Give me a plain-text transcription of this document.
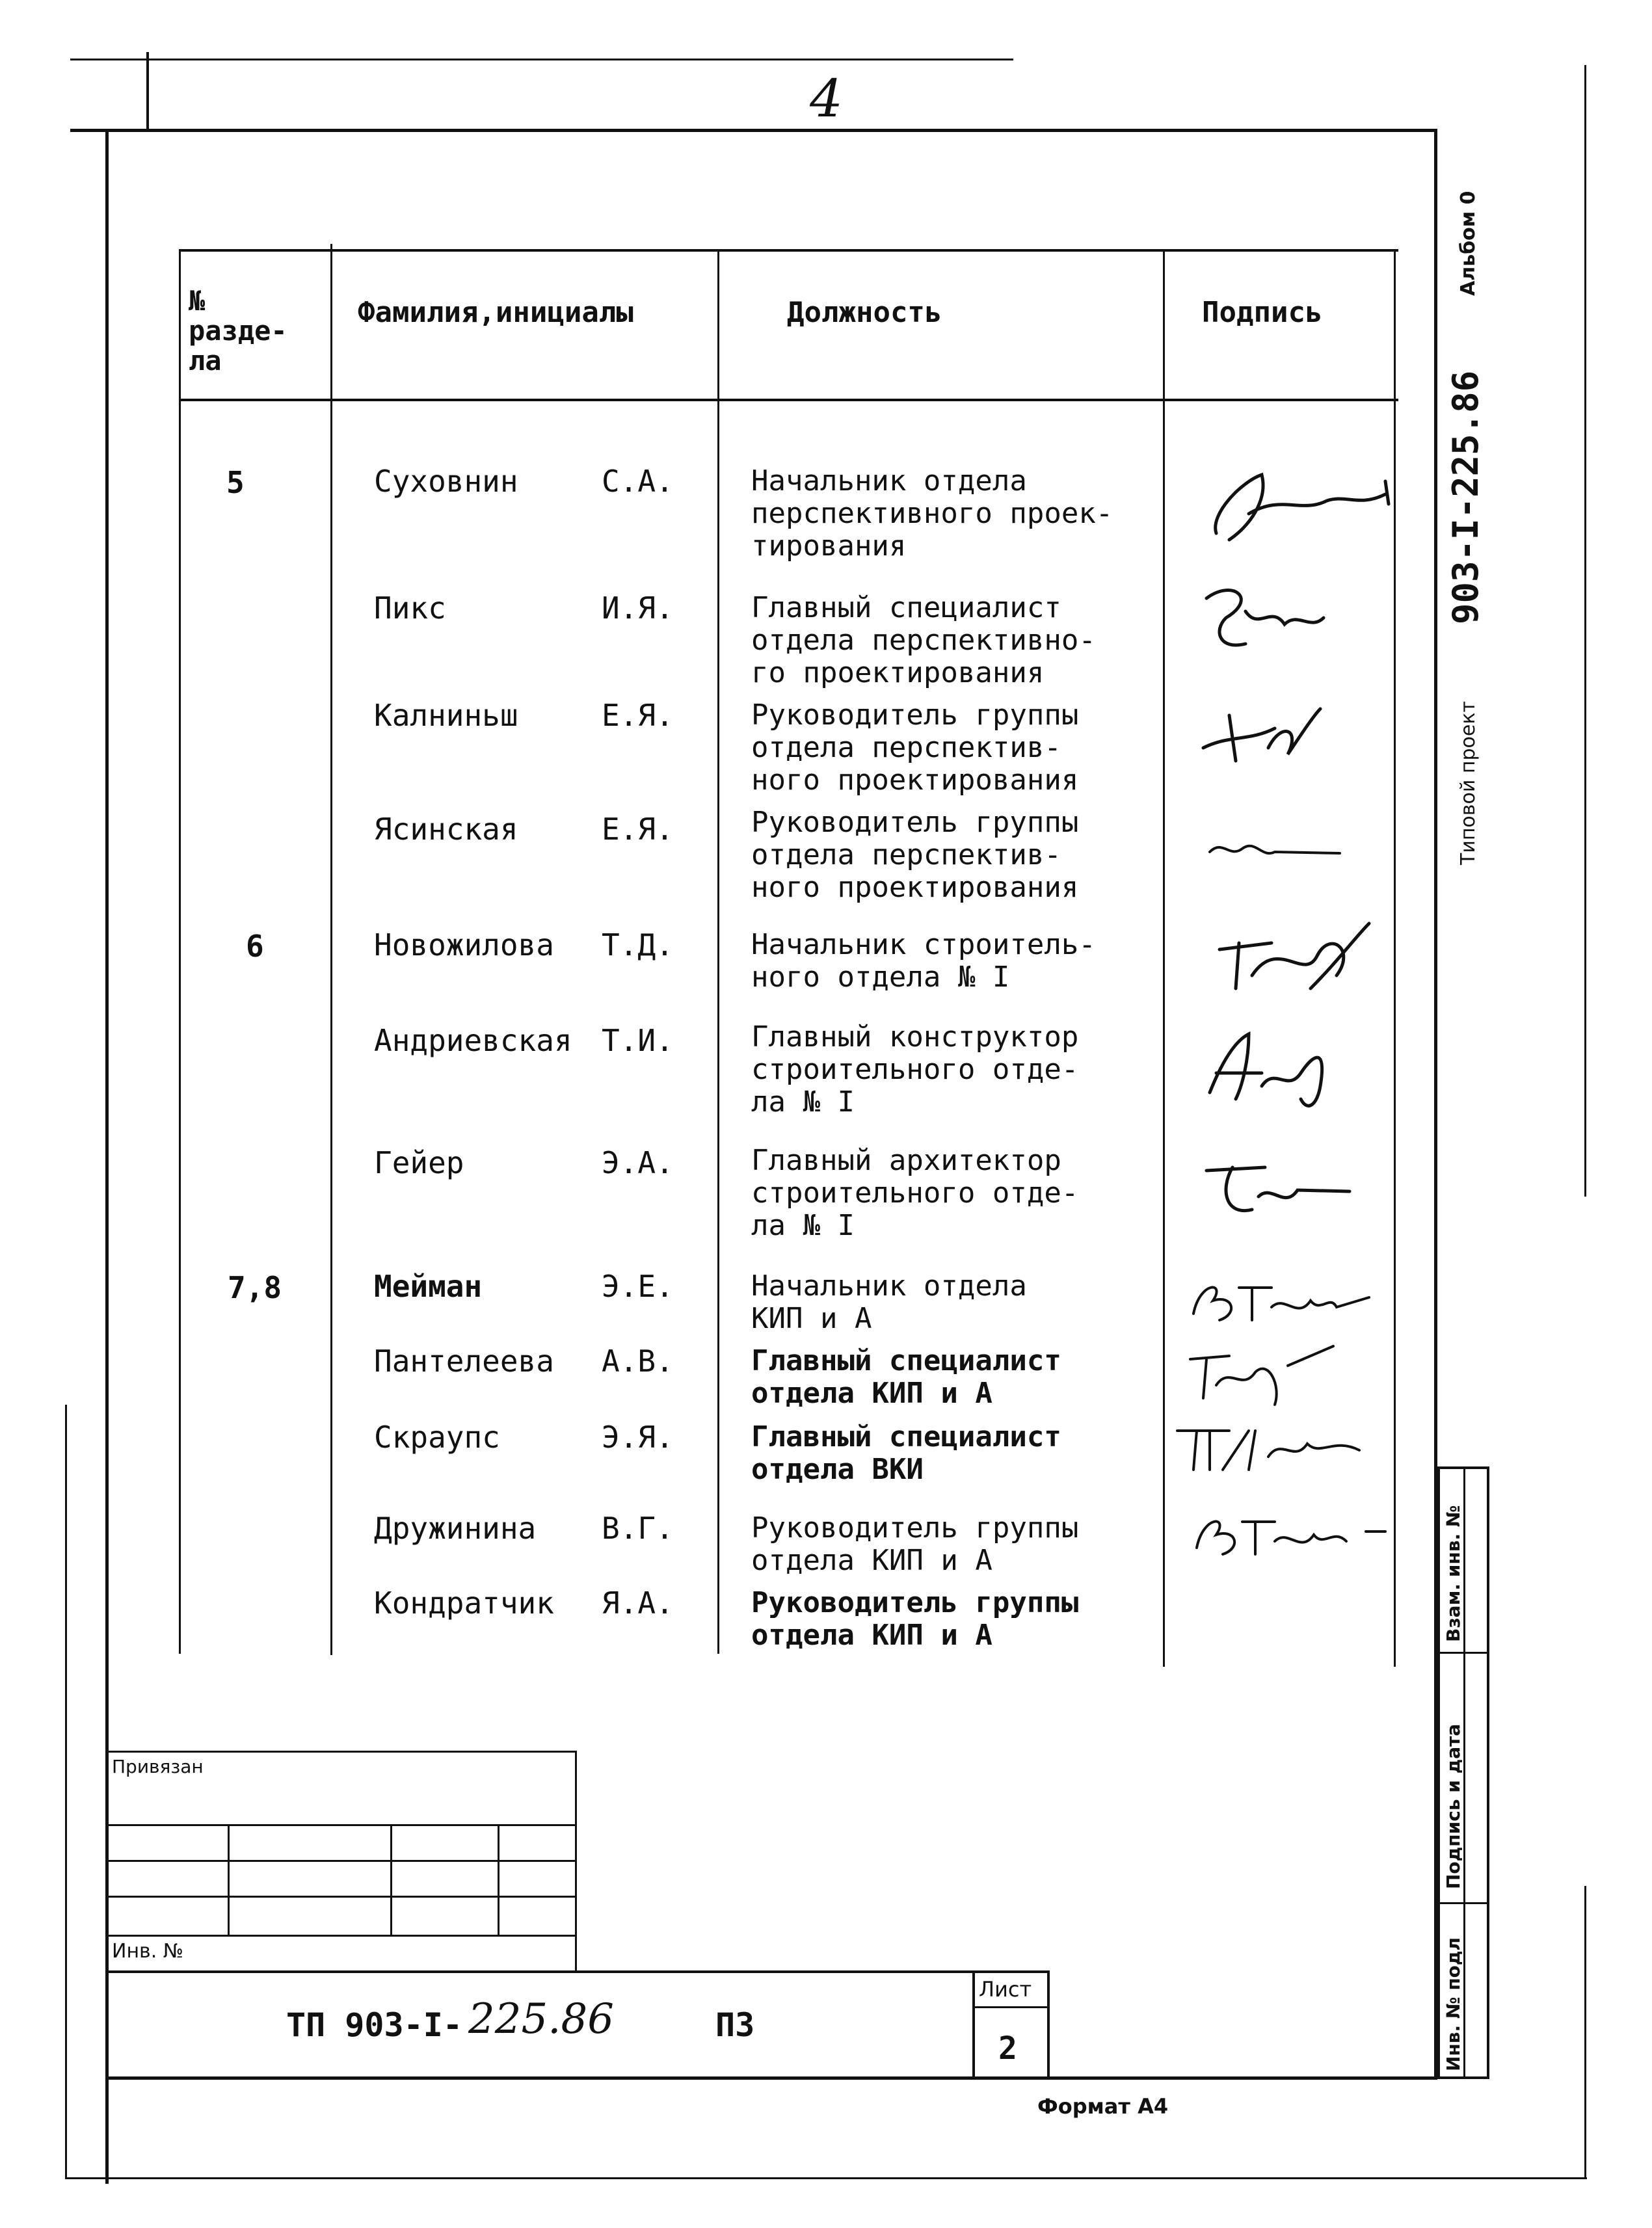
4
Альбом 0
Типовой проект
903-I-225.86
Взам. инв. №
Подпись и дата
Инв. № подл
№ разде-ла
Фамилия,инициалы	Должность	Подпись
5	Суховнин	С.А.	Начальник отдела
перспективного проек-
тирования
Пикс	И.Я.	Главный специалист
отдела перспективно-
го проектирования
Калниньш	Е.Я.	Руководитель группы
отдела перспектив-
ного проектирования
Ясинская	Е.Я.	Руководитель группы
отдела перспектив-
ного проектирования
6	Новожилова Т.Д.	Начальник строитель-
ного отдела № I
Андриевская Т.И.	Главный конструктор
строительного отде-
ла № I
Гейер	Э.А.	Главный архитектор
строительного отде-
ла № I
7,8	Мейман	Э.Е.	Начальник отдела
КИП и А
Пантелеева А.В.	Главный специалист
отдела КИП и А
Скраупс	Э.Я.	Главный специалист
отдела ВКИ
Дружинина В.Г.	Руководитель группы
отдела КИП и А
Кондратчик Я.А.	Руководитель группы
отдела КИП и А
Привязан
Инв. №
ТП 903-I- 225.86	ПЗ
Лист
2
Формат А4
